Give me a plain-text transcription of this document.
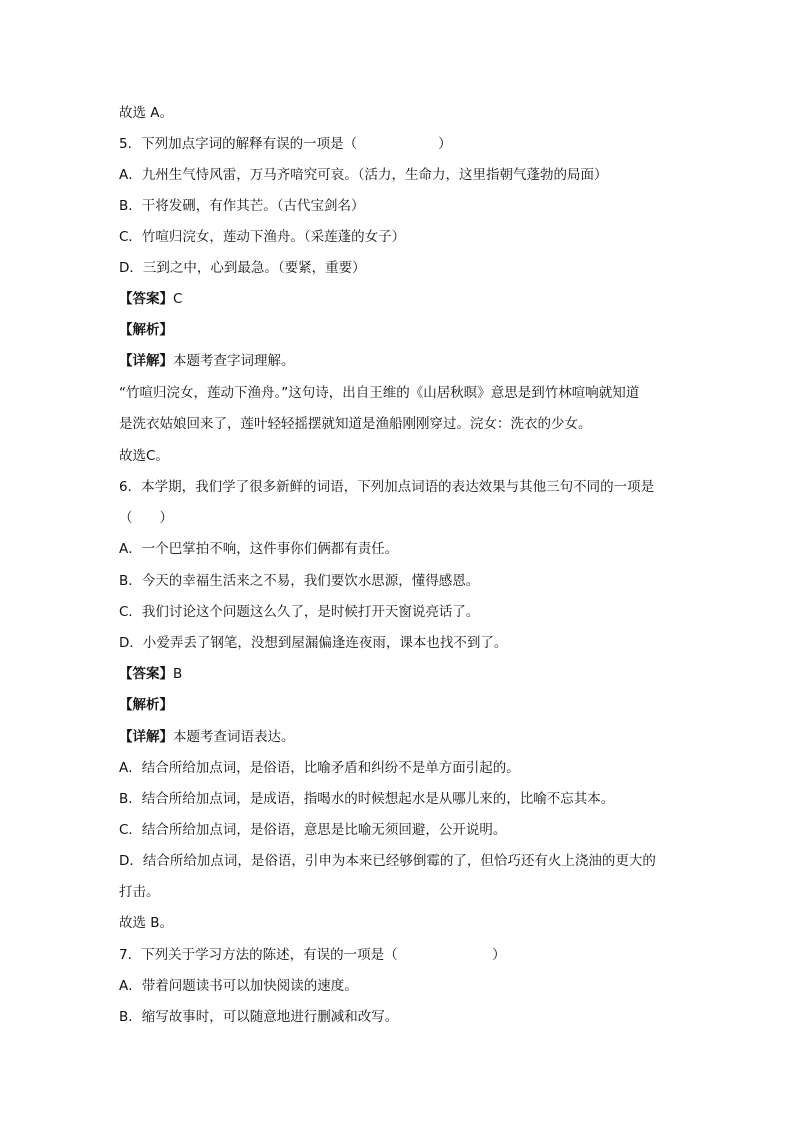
故选 A。
5．下列加点字词的解释有误的一项是（　　　　　　）
A．九州生气恃风雷，万马齐喑究可哀。（活力，生命力，这里指朝气蓬勃的局面）
B．干将发硎，有作其芒。（古代宝剑名）
C．竹喧归浣女，莲动下渔舟。（采莲蓬的女子）
D．三到之中，心到最急。（要紧，重要）
【答案】C
【解析】
【详解】本题考查字词理解。
“竹喧归浣女，莲动下渔舟。”这句诗，出自王维的《山居秋暝》意思是到竹林喧响就知道
是洗衣姑娘回来了，莲叶轻轻摇摆就知道是渔船刚刚穿过。浣女：洗衣的少女。
故选C。
6．本学期，我们学了很多新鲜的词语，下列加点词语的表达效果与其他三句不同的一项是
（　　）
A．一个巴掌拍不响，这件事你们俩都有责任。
B．今天的幸福生活来之不易，我们要饮水思源，懂得感恩。
C．我们讨论这个问题这么久了，是时候打开天窗说亮话了。
D．小爱弄丢了钢笔，没想到屋漏偏逢连夜雨，课本也找不到了。
【答案】B
【解析】
【详解】本题考查词语表达。
A．结合所给加点词，是俗语，比喻矛盾和纠纷不是单方面引起的。
B．结合所给加点词，是成语，指喝水的时候想起水是从哪儿来的，比喻不忘其本。
C．结合所给加点词，是俗语，意思是比喻无须回避，公开说明。
D．结合所给加点词，是俗语，引申为本来已经够倒霉的了，但恰巧还有火上浇油的更大的
打击。
故选 B。
7．下列关于学习方法的陈述，有误的一项是（　　　　　　　）
A．带着问题读书可以加快阅读的速度。
B．缩写故事时，可以随意地进行删减和改写。
